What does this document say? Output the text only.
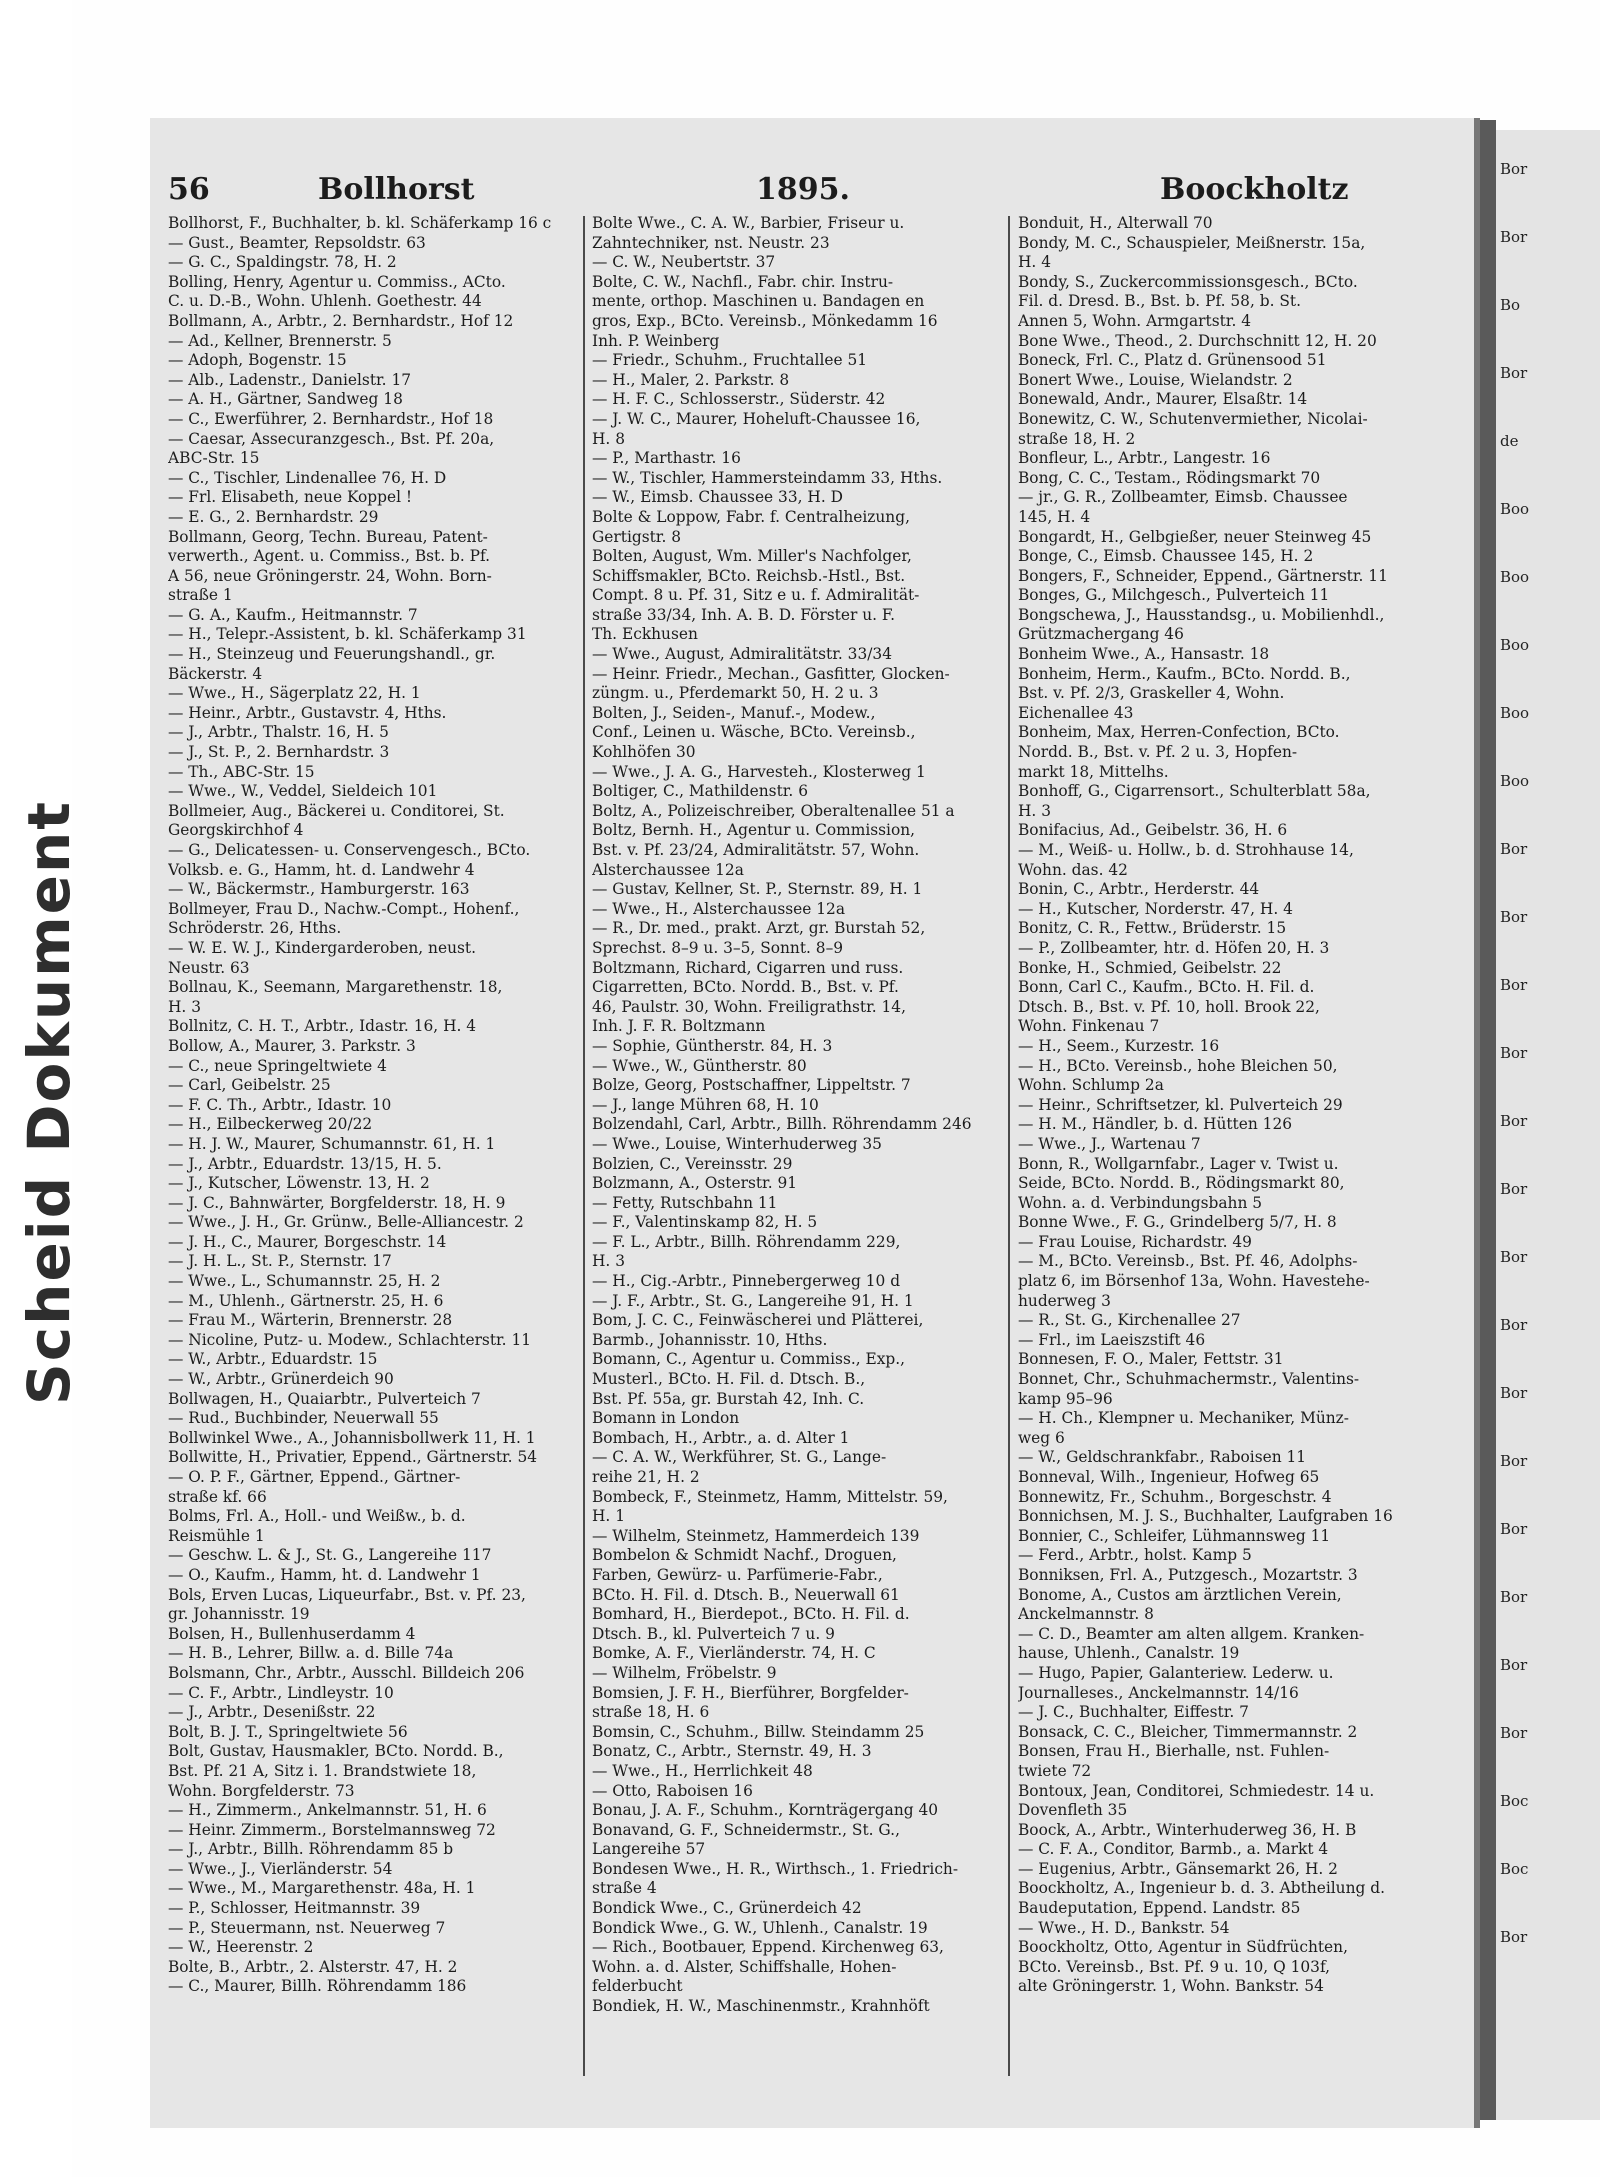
Scheid Dokument
Bor
Bor
Bo
Bor
de
Boo
Boo
Boo
Boo
Boo
Bor
Bor
Bor
Bor
Bor
Bor
Bor
Bor
Bor
Bor
Bor
Bor
Bor
Bor
Boc
Boc
Bor
56	Bollhorst	1895.	Boockholtz
Bollhorst, F., Buchhalter, b. kl. Schäferkamp 16 c
— Gust., Beamter, Repsoldstr. 63
— G. C., Spaldingstr. 78, H. 2
Bolling, Henry, Agentur u. Commiss., ACto.
C. u. D.-B., Wohn. Uhlenh. Goethestr. 44
Bollmann, A., Arbtr., 2. Bernhardstr., Hof 12
— Ad., Kellner, Brennerstr. 5
— Adoph, Bogenstr. 15
— Alb., Ladenstr., Danielstr. 17
— A. H., Gärtner, Sandweg 18
— C., Ewerführer, 2. Bernhardstr., Hof 18
— Caesar, Assecuranzgesch., Bst. Pf. 20a,
ABC-Str. 15
— C., Tischler, Lindenallee 76, H. D
— Frl. Elisabeth, neue Koppel !
— E. G., 2. Bernhardstr. 29
Bollmann, Georg, Techn. Bureau, Patent-
verwerth., Agent. u. Commiss., Bst. b. Pf.
A 56, neue Gröningerstr. 24, Wohn. Born-
straße 1
— G. A., Kaufm., Heitmannstr. 7
— H., Telepr.-Assistent, b. kl. Schäferkamp 31
— H., Steinzeug und Feuerungshandl., gr.
Bäckerstr. 4
— Wwe., H., Sägerplatz 22, H. 1
— Heinr., Arbtr., Gustavstr. 4, Hths.
— J., Arbtr., Thalstr. 16, H. 5
— J., St. P., 2. Bernhardstr. 3
— Th., ABC-Str. 15
— Wwe., W., Veddel, Sieldeich 101
Bollmeier, Aug., Bäckerei u. Conditorei, St.
Georgskirchhof 4
— G., Delicatessen- u. Conservengesch., BCto.
Volksb. e. G., Hamm, ht. d. Landwehr 4
— W., Bäckermstr., Hamburgerstr. 163
Bollmeyer, Frau D., Nachw.-Compt., Hohenf.,
Schröderstr. 26, Hths.
— W. E. W. J., Kindergarderoben, neust.
Neustr. 63
Bollnau, K., Seemann, Margarethenstr. 18,
H. 3
Bollnitz, C. H. T., Arbtr., Idastr. 16, H. 4
Bollow, A., Maurer, 3. Parkstr. 3
— C., neue Springeltwiete 4
— Carl, Geibelstr. 25
— F. C. Th., Arbtr., Idastr. 10
— H., Eilbeckerweg 20/22
— H. J. W., Maurer, Schumannstr. 61, H. 1
— J., Arbtr., Eduardstr. 13/15, H. 5.
— J., Kutscher, Löwenstr. 13, H. 2
— J. C., Bahnwärter, Borgfelderstr. 18, H. 9
— Wwe., J. H., Gr. Grünw., Belle-Alliancestr. 2
— J. H., C., Maurer, Borgeschstr. 14
— J. H. L., St. P., Sternstr. 17
— Wwe., L., Schumannstr. 25, H. 2
— M., Uhlenh., Gärtnerstr. 25, H. 6
— Frau M., Wärterin, Brennerstr. 28
— Nicoline, Putz- u. Modew., Schlachterstr. 11
— W., Arbtr., Eduardstr. 15
— W., Arbtr., Grünerdeich 90
Bollwagen, H., Quaiarbtr., Pulverteich 7
— Rud., Buchbinder, Neuerwall 55
Bollwinkel Wwe., A., Johannisbollwerk 11, H. 1
Bollwitte, H., Privatier, Eppend., Gärtnerstr. 54
— O. P. F., Gärtner, Eppend., Gärtner-
straße kf. 66
Bolms, Frl. A., Holl.- und Weißw., b. d.
Reismühle 1
— Geschw. L. & J., St. G., Langereihe 117
— O., Kaufm., Hamm, ht. d. Landwehr 1
Bols, Erven Lucas, Liqueurfabr., Bst. v. Pf. 23,
gr. Johannisstr. 19
Bolsen, H., Bullenhuserdamm 4
— H. B., Lehrer, Billw. a. d. Bille 74a
Bolsmann, Chr., Arbtr., Ausschl. Billdeich 206
— C. F., Arbtr., Lindleystr. 10
— J., Arbtr., Desenißstr. 22
Bolt, B. J. T., Springeltwiete 56
Bolt, Gustav, Hausmakler, BCto. Nordd. B.,
Bst. Pf. 21 A, Sitz i. 1. Brandstwiete 18,
Wohn. Borgfelderstr. 73
— H., Zimmerm., Ankelmannstr. 51, H. 6
— Heinr. Zimmerm., Borstelmannsweg 72
— J., Arbtr., Billh. Röhrendamm 85 b
— Wwe., J., Vierländerstr. 54
— Wwe., M., Margarethenstr. 48a, H. 1
— P., Schlosser, Heitmannstr. 39
— P., Steuermann, nst. Neuerweg 7
— W., Heerenstr. 2
Bolte, B., Arbtr., 2. Alsterstr. 47, H. 2
— C., Maurer, Billh. Röhrendamm 186
Bolte Wwe., C. A. W., Barbier, Friseur u.
Zahntechniker, nst. Neustr. 23
— C. W., Neubertstr. 37
Bolte, C. W., Nachfl., Fabr. chir. Instru-
mente, orthop. Maschinen u. Bandagen en
gros, Exp., BCto. Vereinsb., Mönkedamm 16
Inh. P. Weinberg
— Friedr., Schuhm., Fruchtallee 51
— H., Maler, 2. Parkstr. 8
— H. F. C., Schlosserstr., Süderstr. 42
— J. W. C., Maurer, Hoheluft-Chaussee 16,
H. 8
— P., Marthastr. 16
— W., Tischler, Hammersteindamm 33, Hths.
— W., Eimsb. Chaussee 33, H. D
Bolte & Loppow, Fabr. f. Centralheizung,
Gertigstr. 8
Bolten, August, Wm. Miller's Nachfolger,
Schiffsmakler, BCto. Reichsb.-Hstl., Bst.
Compt. 8 u. Pf. 31, Sitz e u. f. Admiralität-
straße 33/34, Inh. A. B. D. Förster u. F.
Th. Eckhusen
— Wwe., August, Admiralitätstr. 33/34
— Heinr. Friedr., Mechan., Gasfitter, Glocken-
züngm. u., Pferdemarkt 50, H. 2 u. 3
Bolten, J., Seiden-, Manuf.-, Modew.,
Conf., Leinen u. Wäsche, BCto. Vereinsb.,
Kohlhöfen 30
— Wwe., J. A. G., Harvesteh., Klosterweg 1
Boltiger, C., Mathildenstr. 6
Boltz, A., Polizeischreiber, Oberaltenallee 51 a
Boltz, Bernh. H., Agentur u. Commission,
Bst. v. Pf. 23/24, Admiralitätstr. 57, Wohn.
Alsterchaussee 12a
— Gustav, Kellner, St. P., Sternstr. 89, H. 1
— Wwe., H., Alsterchaussee 12a
— R., Dr. med., prakt. Arzt, gr. Burstah 52,
Sprechst. 8–9 u. 3–5, Sonnt. 8–9
Boltzmann, Richard, Cigarren und russ.
Cigarretten, BCto. Nordd. B., Bst. v. Pf.
46, Paulstr. 30, Wohn. Freiligrathstr. 14,
Inh. J. F. R. Boltzmann
— Sophie, Güntherstr. 84, H. 3
— Wwe., W., Güntherstr. 80
Bolze, Georg, Postschaffner, Lippeltstr. 7
— J., lange Mühren 68, H. 10
Bolzendahl, Carl, Arbtr., Billh. Röhrendamm 246
— Wwe., Louise, Winterhuderweg 35
Bolzien, C., Vereinsstr. 29
Bolzmann, A., Osterstr. 91
— Fetty, Rutschbahn 11
— F., Valentinskamp 82, H. 5
— F. L., Arbtr., Billh. Röhrendamm 229,
H. 3
— H., Cig.-Arbtr., Pinnebergerweg 10 d
— J. F., Arbtr., St. G., Langereihe 91, H. 1
Bom, J. C. C., Feinwäscherei und Plätterei,
Barmb., Johannisstr. 10, Hths.
Bomann, C., Agentur u. Commiss., Exp.,
Musterl., BCto. H. Fil. d. Dtsch. B.,
Bst. Pf. 55a, gr. Burstah 42, Inh. C.
Bomann in London
Bombach, H., Arbtr., a. d. Alter 1
— C. A. W., Werkführer, St. G., Lange-
reihe 21, H. 2
Bombeck, F., Steinmetz, Hamm, Mittelstr. 59,
H. 1
— Wilhelm, Steinmetz, Hammerdeich 139
Bombelon & Schmidt Nachf., Droguen,
Farben, Gewürz- u. Parfümerie-Fabr.,
BCto. H. Fil. d. Dtsch. B., Neuerwall 61
Bomhard, H., Bierdepot., BCto. H. Fil. d.
Dtsch. B., kl. Pulverteich 7 u. 9
Bomke, A. F., Vierländerstr. 74, H. C
— Wilhelm, Fröbelstr. 9
Bomsien, J. F. H., Bierführer, Borgfelder-
straße 18, H. 6
Bomsin, C., Schuhm., Billw. Steindamm 25
Bonatz, C., Arbtr., Sternstr. 49, H. 3
— Wwe., H., Herrlichkeit 48
— Otto, Raboisen 16
Bonau, J. A. F., Schuhm., Kornträgergang 40
Bonavand, G. F., Schneidermstr., St. G.,
Langereihe 57
Bondesen Wwe., H. R., Wirthsch., 1. Friedrich-
straße 4
Bondick Wwe., C., Grünerdeich 42
Bondick Wwe., G. W., Uhlenh., Canalstr. 19
— Rich., Bootbauer, Eppend. Kirchenweg 63,
Wohn. a. d. Alster, Schiffshalle, Hohen-
felderbucht
Bondiek, H. W., Maschinenmstr., Krahnhöft
Bonduit, H., Alterwall 70
Bondy, M. C., Schauspieler, Meißnerstr. 15a,
H. 4
Bondy, S., Zuckercommissionsgesch., BCto.
Fil. d. Dresd. B., Bst. b. Pf. 58, b. St.
Annen 5, Wohn. Armgartstr. 4
Bone Wwe., Theod., 2. Durchschnitt 12, H. 20
Boneck, Frl. C., Platz d. Grünensood 51
Bonert Wwe., Louise, Wielandstr. 2
Bonewald, Andr., Maurer, Elsaßtr. 14
Bonewitz, C. W., Schutenvermiether, Nicolai-
straße 18, H. 2
Bonfleur, L., Arbtr., Langestr. 16
Bong, C. C., Testam., Rödingsmarkt 70
— jr., G. R., Zollbeamter, Eimsb. Chaussee
145, H. 4
Bongardt, H., Gelbgießer, neuer Steinweg 45
Bonge, C., Eimsb. Chaussee 145, H. 2
Bongers, F., Schneider, Eppend., Gärtnerstr. 11
Bonges, G., Milchgesch., Pulverteich 11
Bongschewa, J., Hausstandsg., u. Mobilienhdl.,
Grützmachergang 46
Bonheim Wwe., A., Hansastr. 18
Bonheim, Herm., Kaufm., BCto. Nordd. B.,
Bst. v. Pf. 2/3, Graskeller 4, Wohn.
Eichenallee 43
Bonheim, Max, Herren-Confection, BCto.
Nordd. B., Bst. v. Pf. 2 u. 3, Hopfen-
markt 18, Mittelhs.
Bonhoff, G., Cigarrensort., Schulterblatt 58a,
H. 3
Bonifacius, Ad., Geibelstr. 36, H. 6
— M., Weiß- u. Hollw., b. d. Strohhause 14,
Wohn. das. 42
Bonin, C., Arbtr., Herderstr. 44
— H., Kutscher, Norderstr. 47, H. 4
Bonitz, C. R., Fettw., Brüderstr. 15
— P., Zollbeamter, htr. d. Höfen 20, H. 3
Bonke, H., Schmied, Geibelstr. 22
Bonn, Carl C., Kaufm., BCto. H. Fil. d.
Dtsch. B., Bst. v. Pf. 10, holl. Brook 22,
Wohn. Finkenau 7
— H., Seem., Kurzestr. 16
— H., BCto. Vereinsb., hohe Bleichen 50,
Wohn. Schlump 2a
— Heinr., Schriftsetzer, kl. Pulverteich 29
— H. M., Händler, b. d. Hütten 126
— Wwe., J., Wartenau 7
Bonn, R., Wollgarnfabr., Lager v. Twist u.
Seide, BCto. Nordd. B., Rödingsmarkt 80,
Wohn. a. d. Verbindungsbahn 5
Bonne Wwe., F. G., Grindelberg 5/7, H. 8
— Frau Louise, Richardstr. 49
— M., BCto. Vereinsb., Bst. Pf. 46, Adolphs-
platz 6, im Börsenhof 13a, Wohn. Havestehe-
huderweg 3
— R., St. G., Kirchenallee 27
— Frl., im Laeiszstift 46
Bonnesen, F. O., Maler, Fettstr. 31
Bonnet, Chr., Schuhmachermstr., Valentins-
kamp 95–96
— H. Ch., Klempner u. Mechaniker, Münz-
weg 6
— W., Geldschrankfabr., Raboisen 11
Bonneval, Wilh., Ingenieur, Hofweg 65
Bonnewitz, Fr., Schuhm., Borgeschstr. 4
Bonnichsen, M. J. S., Buchhalter, Laufgraben 16
Bonnier, C., Schleifer, Lühmannsweg 11
— Ferd., Arbtr., holst. Kamp 5
Bonniksen, Frl. A., Putzgesch., Mozartstr. 3
Bonome, A., Custos am ärztlichen Verein,
Anckelmannstr. 8
— C. D., Beamter am alten allgem. Kranken-
hause, Uhlenh., Canalstr. 19
— Hugo, Papier, Galanteriew. Lederw. u.
Journalleses., Anckelmannstr. 14/16
— J. C., Buchhalter, Eiffestr. 7
Bonsack, C. C., Bleicher, Timmermannstr. 2
Bonsen, Frau H., Bierhalle, nst. Fuhlen-
twiete 72
Bontoux, Jean, Conditorei, Schmiedestr. 14 u.
Dovenfleth 35
Boock, A., Arbtr., Winterhuderweg 36, H. B
— C. F. A., Conditor, Barmb., a. Markt 4
— Eugenius, Arbtr., Gänsemarkt 26, H. 2
Boockholtz, A., Ingenieur b. d. 3. Abtheilung d.
Baudeputation, Eppend. Landstr. 85
— Wwe., H. D., Bankstr. 54
Boockholtz, Otto, Agentur in Südfrüchten,
BCto. Vereinsb., Bst. Pf. 9 u. 10, Q 103f,
alte Gröningerstr. 1, Wohn. Bankstr. 54
